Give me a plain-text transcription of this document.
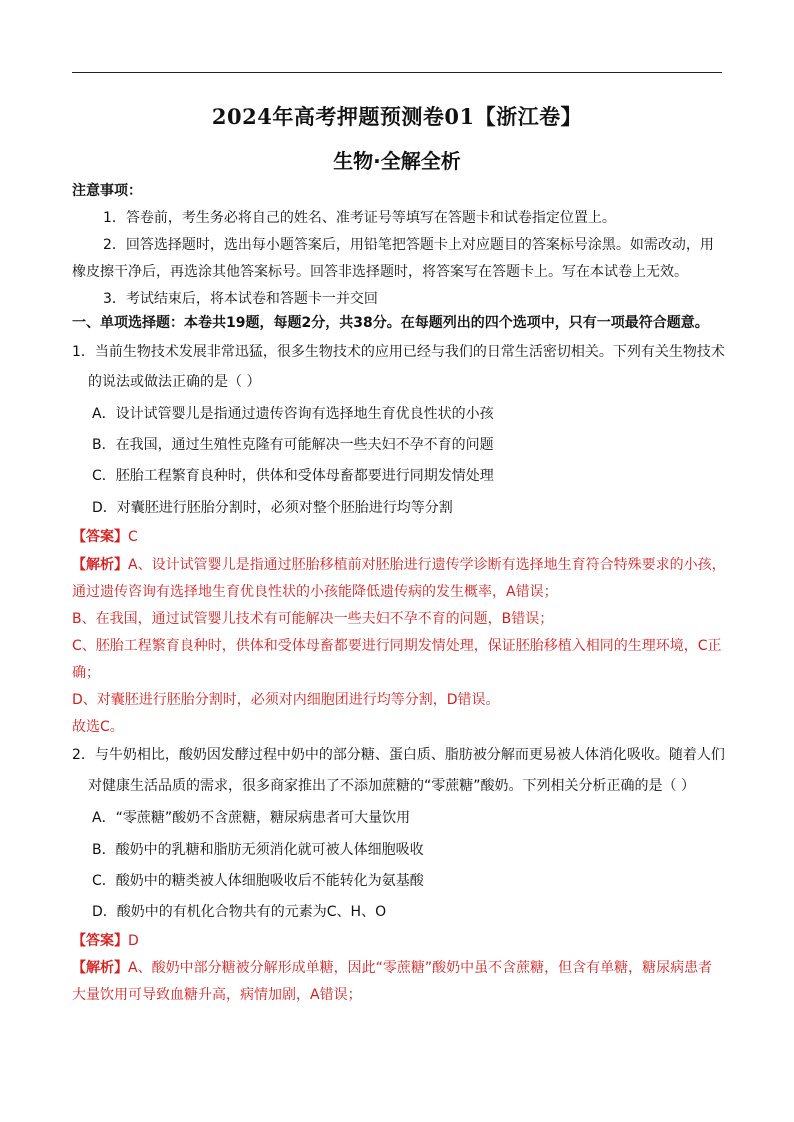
2024年高考押题预测卷01【浙江卷】
生物·全解全析
注意事项：
1．答卷前，考生务必将自己的姓名、准考证号等填写在答题卡和试卷指定位置上。
2．回答选择题时，选出每小题答案后，用铅笔把答题卡上对应题目的答案标号涂黑。如需改动，用
橡皮擦干净后，再选涂其他答案标号。回答非选择题时，将答案写在答题卡上。写在本试卷上无效。
3．考试结束后，将本试卷和答题卡一并交回
一、单项选择题：本卷共19题，每题2分，共38分。在每题列出的四个选项中，只有一项最符合题意。
1．当前生物技术发展非常迅猛，很多生物技术的应用已经与我们的日常生活密切相关。下列有关生物技术
的说法或做法正确的是（ ）
A．设计试管婴儿是指通过遗传咨询有选择地生育优良性状的小孩
B．在我国，通过生殖性克隆有可能解决一些夫妇不孕不育的问题
C．胚胎工程繁育良种时，供体和受体母畜都要进行同期发情处理
D．对囊胚进行胚胎分割时，必须对整个胚胎进行均等分割
【答案】C
【解析】A、设计试管婴儿是指通过胚胎移植前对胚胎进行遗传学诊断有选择地生育符合特殊要求的小孩，
通过遗传咨询有选择地生育优良性状的小孩能降低遗传病的发生概率，A错误；
B、在我国，通过试管婴儿技术有可能解决一些夫妇不孕不育的问题，B错误；
C、胚胎工程繁育良种时，供体和受体母畜都要进行同期发情处理，保证胚胎移植入相同的生理环境，C正
确；
D、对囊胚进行胚胎分割时，必须对内细胞团进行均等分割，D错误。
故选C。
2．与牛奶相比，酸奶因发酵过程中奶中的部分糖、蛋白质、脂肪被分解而更易被人体消化吸收。随着人们
对健康生活品质的需求，很多商家推出了不添加蔗糖的“零蔗糖”酸奶。下列相关分析正确的是（ ）
A．“零蔗糖”酸奶不含蔗糖，糖尿病患者可大量饮用
B．酸奶中的乳糖和脂肪无须消化就可被人体细胞吸收
C．酸奶中的糖类被人体细胞吸收后不能转化为氨基酸
D．酸奶中的有机化合物共有的元素为C、H、O
【答案】D
【解析】A、酸奶中部分糖被分解形成单糖，因此“零蔗糖”酸奶中虽不含蔗糖，但含有单糖，糖尿病患者
大量饮用可导致血糖升高，病情加剧，A错误；
